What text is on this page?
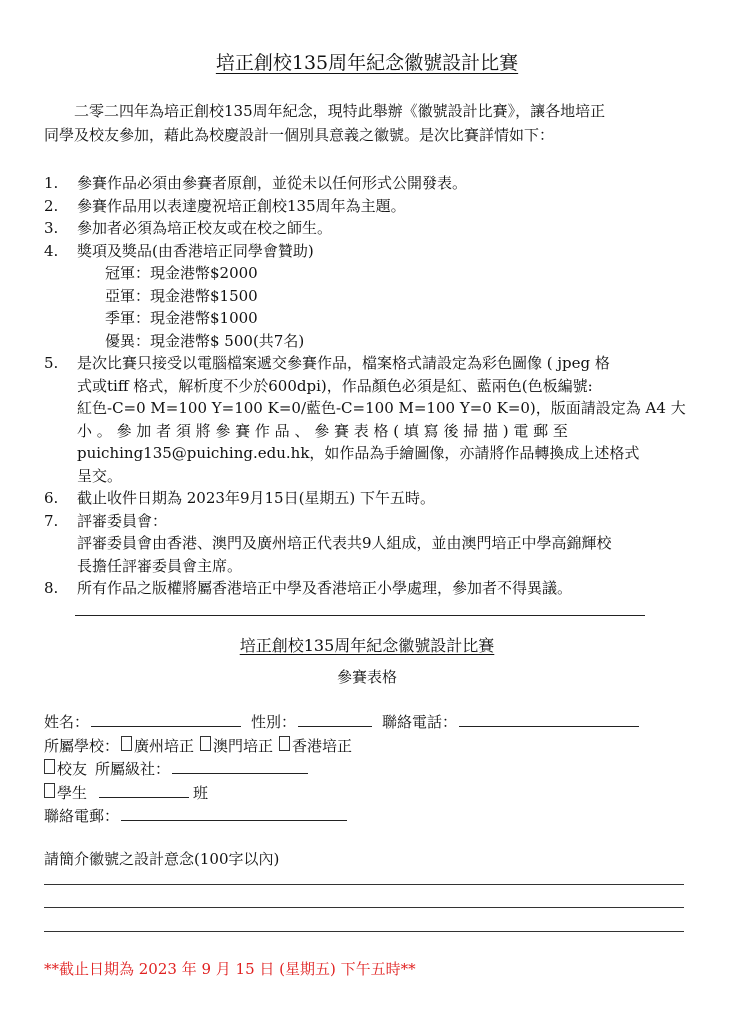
培正創校135周年紀念徽號設計比賽

二零二四年為培正創校135周年紀念，現特此舉辦《徽號設計比賽》，讓各地培正

同學及校友參加，藉此為校慶設計一個別具意義之徽號。是次比賽詳情如下：

1.	參賽作品必須由參賽者原創，並從未以任何形式公開發表。
2.	參賽作品用以表達慶祝培正創校135周年為主題。
3.	參加者必須為培正校友或在校之師生。
4.	獎項及獎品(由香港培正同學會贊助)
冠軍：現金港幣$2000
亞軍：現金港幣$1500
季軍：現金港幣$1000
優異：現金港幣$ 500(共7名)
5.	是次比賽只接受以電腦檔案遞交參賽作品，檔案格式請設定為彩色圖像 ( jpeg 格
式或tiff 格式，解析度不少於600dpi)，作品顏色必須是紅、藍兩色(色板編號:
紅色-C=0 M=100 Y=100 K=0/藍色-C=100 M=100 Y=0 K=0)，版面請設定為 A4 大
小 。 參 加 者 須 將 參 賽 作 品 、 參 賽 表 格 ( 填 寫 後 掃 描 ) 電 郵 至
puiching135@puiching.edu.hk，如作品為手繪圖像，亦請將作品轉換成上述格式
呈交。
6.	截止收件日期為 2023年9月15日(星期五) 下午五時。
7.	評審委員會：
評審委員會由香港、澳門及廣州培正代表共9人組成，並由澳門培正中學高錦輝校
長擔任評審委員會主席。
8.	所有作品之版權將屬香港培正中學及香港培正小學處理，參加者不得異議。
培正創校135周年紀念徽號設計比賽
參賽表格
姓名：	性別：	聯絡電話：
所屬學校： 廣州培正 澳門培正 香港培正
校友 所屬級社：
學生	班
聯絡電郵：
請簡介徽號之設計意念(100字以內)
**截止日期為 2023 年 9 月 15 日 (星期五) 下午五時**
